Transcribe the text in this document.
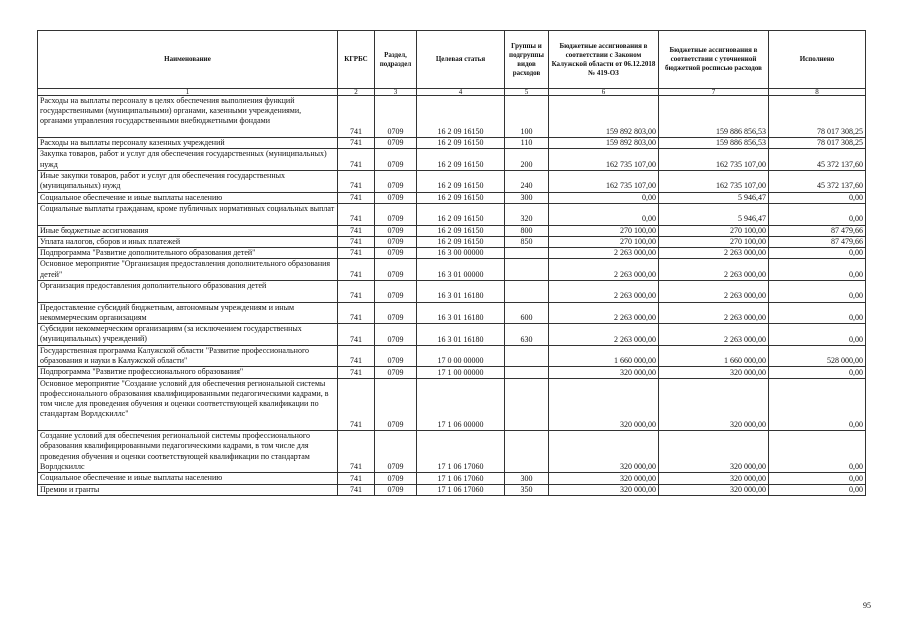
Наименование	КГРБС	Раздел, подраздел	Целевая статья	Группы и подгруппы видов расходов	Бюджетные ассигнования в соответствии с Законом Калужской области от 06.12.2018 № 419-ОЗ	Бюджетные ассигнования в соответствии с уточненной бюджетной росписью расходов	Исполнено
1	2	3	4	5	6	7	8
Расходы на выплаты персоналу в целях обеспечения выполнения функций государственными (муниципальными) органами, казенными учреждениями, органами управления государственными внебюджетными фондами	741	0709	16 2 09 16150	100	159 892 803,00	159 886 856,53	78 017 308,25
Расходы на выплаты персоналу казенных учреждений	741	0709	16 2 09 16150	110	159 892 803,00	159 886 856,53	78 017 308,25
Закупка товаров, работ и услуг для обеспечения государственных (муниципальных) нужд	741	0709	16 2 09 16150	200	162 735 107,00	162 735 107,00	45 372 137,60
Иные закупки товаров, работ и услуг для обеспечения государственных (муниципальных) нужд	741	0709	16 2 09 16150	240	162 735 107,00	162 735 107,00	45 372 137,60
Социальное обеспечение и иные выплаты населению	741	0709	16 2 09 16150	300	0,00	5 946,47	0,00
Социальные выплаты гражданам, кроме публичных нормативных социальных выплат	741	0709	16 2 09 16150	320	0,00	5 946,47	0,00
Иные бюджетные ассигнования	741	0709	16 2 09 16150	800	270 100,00	270 100,00	87 479,66
Уплата налогов, сборов и иных платежей	741	0709	16 2 09 16150	850	270 100,00	270 100,00	87 479,66
Подпрограмма "Развитие дополнительного образования детей"	741	0709	16 3 00 00000		2 263 000,00	2 263 000,00	0,00
Основное мероприятие "Организация предоставления дополнительного образования детей"	741	0709	16 3 01 00000		2 263 000,00	2 263 000,00	0,00
Организация предоставления дополнительного образования детей	741	0709	16 3 01 16180		2 263 000,00	2 263 000,00	0,00
Предоставление субсидий бюджетным, автономным учреждениям и иным некоммерческим организациям	741	0709	16 3 01 16180	600	2 263 000,00	2 263 000,00	0,00
Субсидии некоммерческим организациям (за исключением государственных (муниципальных) учреждений)	741	0709	16 3 01 16180	630	2 263 000,00	2 263 000,00	0,00
Государственная программа Калужской области "Развитие профессионального образования и науки в Калужской области"	741	0709	17 0 00 00000		1 660 000,00	1 660 000,00	528 000,00
Подпрограмма "Развитие профессионального образования"	741	0709	17 1 00 00000		320 000,00	320 000,00	0,00
Основное мероприятие "Создание условий для обеспечения региональной системы профессионального образования квалифицированными педагогическими кадрами, в том числе для проведения обучения и оценки соответствующей квалификации по стандартам Ворлдскиллс"	741	0709	17 1 06 00000		320 000,00	320 000,00	0,00
Создание условий для обеспечения региональной системы профессионального образования квалифицированными педагогическими кадрами, в том числе для проведения обучения и оценки соответствующей квалификации по стандартам Ворлдскиллс	741	0709	17 1 06 17060		320 000,00	320 000,00	0,00
Социальное обеспечение и иные выплаты населению	741	0709	17 1 06 17060	300	320 000,00	320 000,00	0,00
Премии и гранты	741	0709	17 1 06 17060	350	320 000,00	320 000,00	0,00
95
